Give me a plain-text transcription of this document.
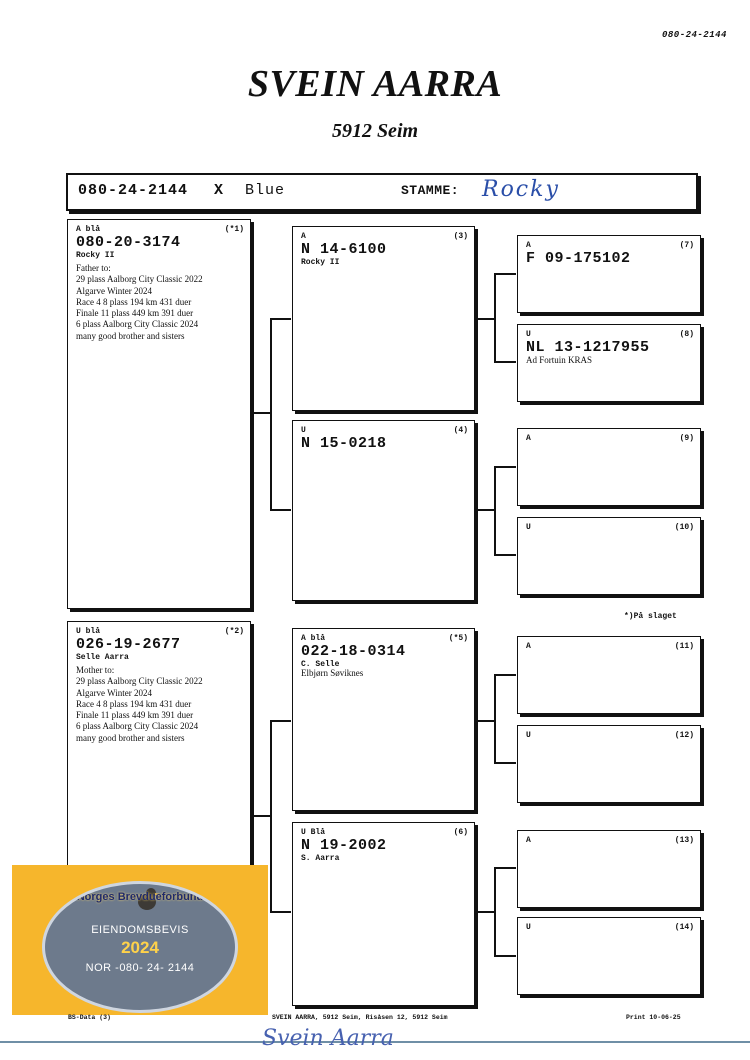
080-24-2144
SVEIN AARRA
5912 Seim
080-24-2144 X Blue	STAMME: Rocky
A blå	(*1)
080-20-3174
Rocky II
Father to:
29 plass Aalborg City Classic 2022
Algarve Winter 2024
Race 4 8 plass 194 km 431 duer
Finale 11 plass 449 km 391 duer
6 plass Aalborg City Classic 2024
many good brother and sisters
U blå	(*2)
026-19-2677
Selle Aarra
Mother to:
29 plass Aalborg City Classic 2022
Algarve Winter 2024
Race 4 8 plass 194 km 431 duer
Finale 11 plass 449 km 391 duer
6 plass Aalborg City Classic 2024
many good brother and sisters
A	(3)
N 14-6100
Rocky II
U	(4)
N 15-0218
A blå	(*5)
022-18-0314
C. Selle
Elbjørn Søviknes
U Blå	(6)
N 19-2002
S. Aarra
A	(7)
F 09-175102
U	(8)
NL 13-1217955
Ad Fortuin KRAS
A	(9)
U	(10)
*)På slaget
A	(11)
U	(12)
A	(13)
U	(14)
Norges Brevdueforbund
EIENDOMSBEVIS
2024
NOR -080- 24- 2144
BS-Data (3)	SVEIN AARRA, 5912 Seim, Risåsen 12, 5912 Seim	Print 10-06-25
Svein Aarra
